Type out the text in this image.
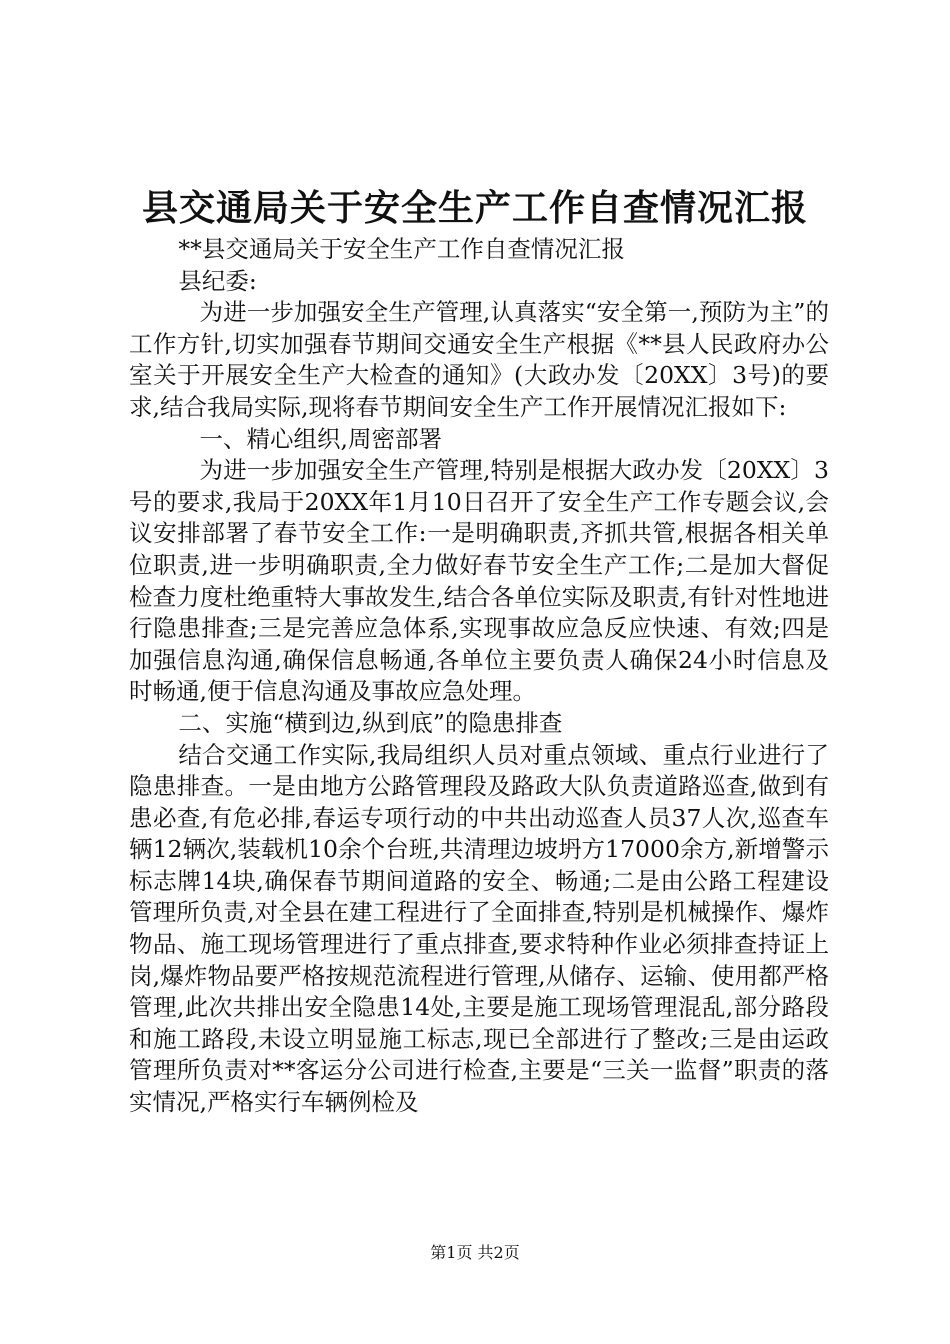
县交通局关于安全生产工作自查情况汇报

**县交通局关于安全生产工作自查情况汇报

县纪委:

为进一步加强安全生产管理,认真落实“安全第一,预防为主”的工作方针,切实加强春节期间交通安全生产根据《**县人民政府办公室关于开展安全生产大检查的通知》(大政办发〔20XX〕3号)的要求,结合我局实际,现将春节期间安全生产工作开展情况汇报如下:

一、精心组织,周密部署

为进一步加强安全生产管理,特别是根据大政办发〔20XX〕3号的要求,我局于20XX年1月10日召开了安全生产工作专题会议,会议安排部署了春节安全工作:一是明确职责,齐抓共管,根据各相关单位职责,进一步明确职责,全力做好春节安全生产工作;二是加大督促检查力度杜绝重特大事故发生,结合各单位实际及职责,有针对性地进行隐患排查;三是完善应急体系,实现事故应急反应快速、有效;四是加强信息沟通,确保信息畅通,各单位主要负责人确保24小时信息及时畅通,便于信息沟通及事故应急处理。

二、实施“横到边,纵到底”的隐患排查

结合交通工作实际,我局组织人员对重点领域、重点行业进行了隐患排查。一是由地方公路管理段及路政大队负责道路巡查,做到有患必查,有危必排,春运专项行动的中共出动巡查人员37人次,巡查车辆12辆次,装载机10余个台班,共清理边坡坍方17000余方,新增警示标志牌14块,确保春节期间道路的安全、畅通;二是由公路工程建设管理所负责,对全县在建工程进行了全面排查,特别是机械操作、爆炸物品、施工现场管理进行了重点排查,要求特种作业必须排查持证上岗,爆炸物品要严格按规范流程进行管理,从储存、运输、使用都严格管理,此次共排出安全隐患14处,主要是施工现场管理混乱,部分路段和施工路段,未设立明显施工标志,现已全部进行了整改;三是由运政管理所负责对**客运分公司进行检查,主要是“三关一监督”职责的落实情况,严格实行车辆例检及

第1页 共2页
